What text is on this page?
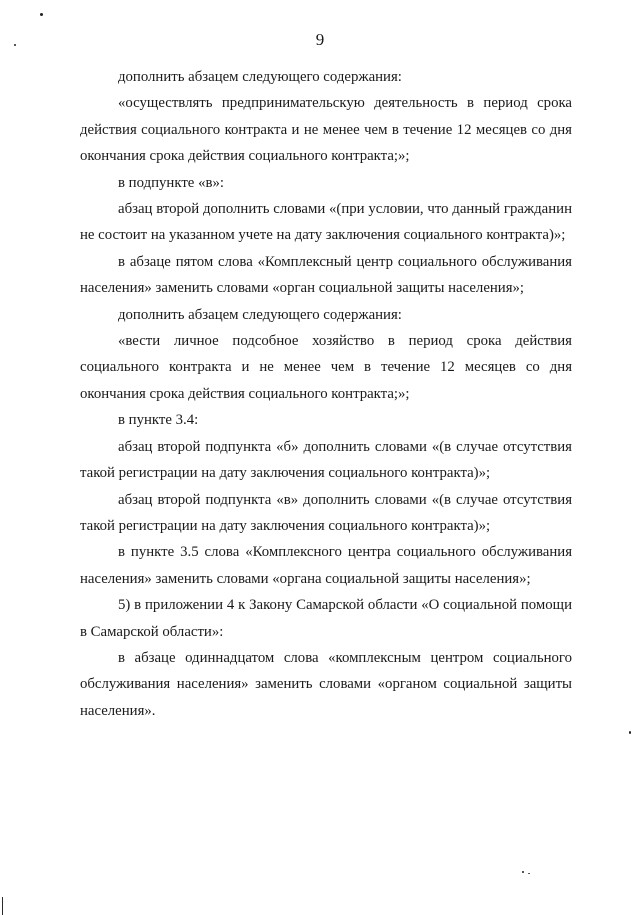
9

дополнить абзацем следующего содержания:

«осуществлять предпринимательскую деятельность в период срока действия социального контракта и не менее чем в течение 12 месяцев со дня окончания срока действия социального контракта;»;

в подпункте «в»:

абзац второй дополнить словами «(при условии, что данный гражданин не состоит на указанном учете на дату заключения социального контракта)»;

в абзаце пятом слова «Комплексный центр социального обслуживания населения» заменить словами «орган социальной защиты населения»;

дополнить абзацем следующего содержания:

«вести личное подсобное хозяйство в период срока действия социального контракта и не менее чем в течение 12 месяцев со дня окончания срока действия социального контракта;»;

в пункте 3.4:

абзац второй подпункта «б» дополнить словами «(в случае отсутствия такой регистрации на дату заключения социального контракта)»;

абзац второй подпункта «в» дополнить словами «(в случае отсутствия такой регистрации на дату заключения социального контракта)»;

в пункте 3.5 слова «Комплексного центра социального обслуживания населения» заменить словами «органа социальной защиты населения»;

5) в приложении 4 к Закону Самарской области «О социальной помощи в Самарской области»:

в абзаце одиннадцатом слова «комплексным центром социального обслуживания населения» заменить словами «органом социальной защиты населения».
